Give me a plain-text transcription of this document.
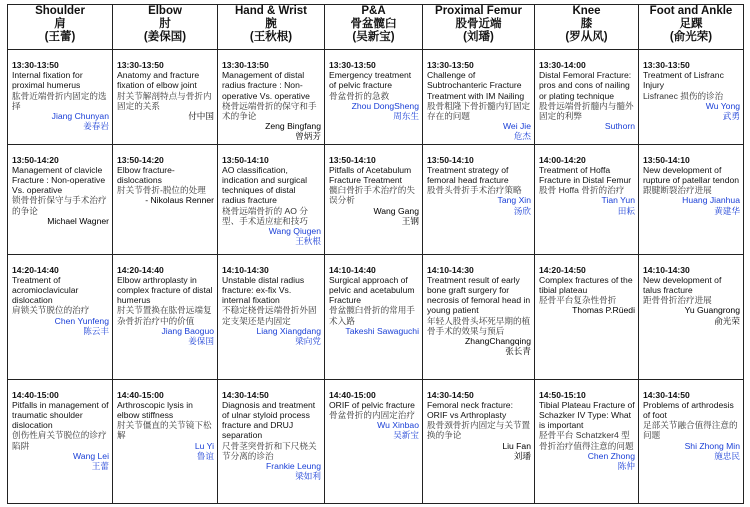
Shoulder
肩
(王蕾)	Elbow
肘
(姜保国)	Hand & Wrist
腕
(王秋根)	P&A
骨盆髋臼
(吴新宝)	Proximal Femur
股骨近端
(刘璠)	Knee
膝
(罗从风)	Foot and Ankle
足踝
(俞光荣)

13:30-13:50
Internal fixation for proximal humerus
肱骨近端骨折内固定的选择
Jiang Chunyan
姜春岩	13:30-13:50
Anatomy and fracture fixation of elbow joint
肘关节解剖特点与骨折内固定的关系
付中国	13:30-13:50
Management of distal radius fracture : Non-operative Vs. operative
桡骨远端骨折的保守和手术的争论
Zeng Bingfang
曾炳芳	13:30-13:50
Emergency treatment of pelvic fracture
骨盆骨折的急救
Zhou DongSheng
周东生	13:30-13:50
Challenge of Subtrochanteric Fracture Treatment with IM Nailing
股骨粗隆下骨折髓内钉固定存在的问题
Wei Jie
危杰	13:30-14:00
Distal Femoral Fracture: pros and cons of nailing or plating technique
股骨远端骨折髓内与髓外固定的利弊
Suthorn	13:30-13:50
Treatment of Lisfranc Injury
Lisfranec 损伤的诊治
Wu Yong
武勇

13:50-14:20
Management of clavicle Fracture : Non-operative Vs. operative
锁骨骨折保守与手术治疗的争论
Michael Wagner	13:50-14:20
Elbow fracture-dislocations
肘关节骨折-脱位的处理
- Nikolaus Renner	13:50-14:10
AO classification, indication and surgical techniques of distal radius fracture
桡骨远端骨折的 AO 分型、手术适应症和技巧
Wang Qiugen
王秋根	13:50-14:10
Pitfalls of Acetabulum Fracture Treatment
髋臼骨折手术治疗的失误分析
Wang Gang
王钢	13:50-14:10
Treatment strategy of femoral head fracture
股骨头骨折手术治疗策略
Tang Xin
汤欣	14:00-14:20
Treatment of Hoffa Fracture in Distal Femur
股骨 Hoffa 骨折的治疗
Tian Yun
田耘	13:50-14:10
New development of rupture of patellar tendon
跟腱断裂治疗进展
Huang Jianhua
黄建华

14:20-14:40
Treatment of acromioclavicular dislocation
肩锁关节脱位的治疗
Chen Yunfeng
陈云丰	14:20-14:40
Elbow arthroplasty in complex fracture of distal humerus
肘关节置换在肱骨远端复杂骨折治疗中的价值
Jiang Baoguo
姜保国	14:10-14:30
Unstable distal radius fracture: ex-fix Vs. internal fixation
不稳定桡骨远端骨折外固定支架还是内固定
Liang Xiangdang
梁向党	14:10-14:40
Surgical approach of pelvic and acetabulum Fracture
骨盆髋臼骨折的常用手术入路
Takeshi Sawaguchi	14:10-14:30
Treatment result of early bone graft surgery for necrosis of femoral head in young patient
年轻人股骨头坏死早期的植骨手术的效果与预后
ZhangChangqing
张长青	14:20-14:50
Complex fractures of the tibial plateau
胫骨平台复杂性骨折
Thomas P.Rüedi	14:10-14:30
New development of talus fracture
距骨骨折治疗进展
Yu Guangrong
俞光荣

14:40-15:00
Pitfalls in management of traumatic shoulder dislocation
创伤性肩关节脱位的诊疗陷阱
Wang Lei
王蕾	14:40-15:00
Arthroscopic lysis in elbow stiffness
肘关节僵直的关节镜下松解
Lu Yi
鲁谊	14:30-14:50
Diagnosis and treatment of ulnar styloid process fracture and DRUJ separation
尺骨茎突骨折和下尺桡关节分离的诊治
Frankie Leung
梁如利	14:40-15:00
ORIF of pelvic fracture
骨盆骨折的内固定治疗
Wu Xinbao
吴新宝	14:30-14:50
Femoral neck fracture: ORIF vs Arthroplasty
股骨颈骨折内固定与关节置换的争论
Liu Fan
刘璠	14:50-15:10
Tibial Plateau Fracture of Schazker IV Type: What is important
胫骨平台 Schatzker4 型骨折治疗值得注意的问题
Chen Zhong
陈仲	14:30-14:50
Problems of arthrodesis of foot
足部关节融合值得注意的问题
Shi Zhong Min
施忠民
